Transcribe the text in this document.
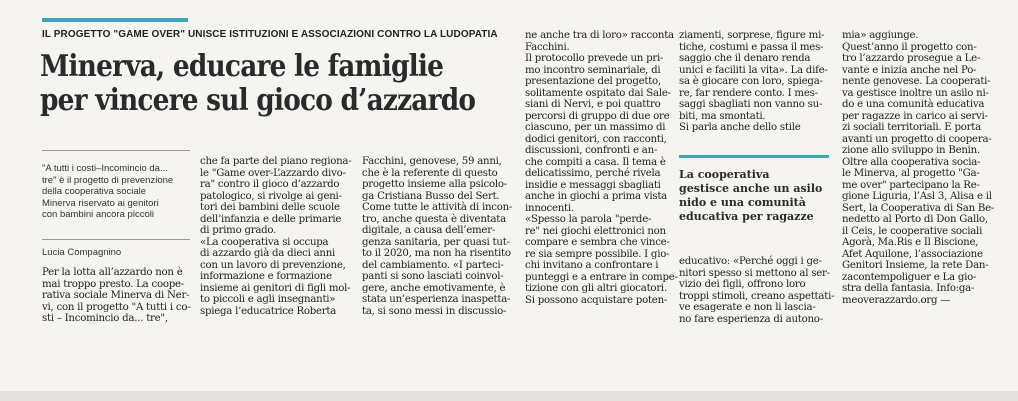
IL PROGETTO "GAME OVER" UNISCE ISTITUZIONI E ASSOCIAZIONI CONTRO LA LUDOPATIA
Minerva, educare le famiglie
per vincere sul gioco d’azzardo
"A tutti i costi–Incomincio da...
tre" è il progetto di prevenzione
della cooperativa sociale
Minerva riservato ai genitori
con bambini ancora piccoli
Lucia Compagnino
Per la lotta all’azzardo non è
mai troppo presto. La coope-
rativa sociale Minerva di Ner-
vi, con il progetto "A tutti i co-
sti – Incomincio da... tre",
che fa parte del piano regiona-
le "Game over-L’azzardo divo-
ra" contro il gioco d’azzardo
patologico, si rivolge ai geni-
tori dei bambini delle scuole
dell’infanzia e delle primarie
di primo grado.
«La cooperativa si occupa
di azzardo già da dieci anni
con un lavoro di prevenzione,
informazione e formazione
insieme ai genitori di figli mol-
to piccoli e agli insegnanti»
spiega l’educatrice Roberta
Facchini, genovese, 59 anni,
che è la referente di questo
progetto insieme alla psicolo-
ga Cristiana Busso del Sert.
Come tutte le attività di incon-
tro, anche questa è diventata
digitale, a causa dell’emer-
genza sanitaria, per quasi tut-
to il 2020, ma non ha risentito
del cambiamento. «I parteci-
panti si sono lasciati coinvol-
gere, anche emotivamente, è
stata un’esperienza inaspetta-
ta, si sono messi in discussio-
ne anche tra di loro» racconta
Facchini.
Il protocollo prevede un pri-
mo incontro seminariale, di
presentazione del progetto,
solitamente ospitato dai Sale-
siani di Nervi, e poi quattro
percorsi di gruppo di due ore
ciascuno, per un massimo di
dodici genitori, con racconti,
discussioni, confronti e an-
che compiti a casa. Il tema è
delicatissimo, perché rivela
insidie e messaggi sbagliati
anche in giochi a prima vista
innocenti.
«Spesso la parola "perde-
re" nei giochi elettronici non
compare e sembra che vince-
re sia sempre possibile. I gio-
chi invitano a confrontare i
punteggi e a entrare in compe-
tizione con gli altri giocatori.
Si possono acquistare poten-
ziamenti, sorprese, figure mi-
tiche, costumi e passa il mes-
saggio che il denaro renda
unici e faciliti la vita». La dife-
sa è giocare con loro, spiega-
re, far rendere conto. I mes-
saggi sbagliati non vanno su-
biti, ma smontati.
Si parla anche dello stile
La cooperativa
gestisce anche un asilo
nido e una comunità
educativa per ragazze
educativo: «Perché oggi i ge-
nitori spesso si mettono al ser-
vizio dei figli, offrono loro
troppi stimoli, creano aspettati-
ve esagerate e non li lascia-
no fare esperienza di autono-
mia» aggiunge.
Quest’anno il progetto con-
tro l’azzardo prosegue a Le-
vante e inizia anche nel Po-
nente genovese. La cooperati-
va gestisce inoltre un asilo ni-
do e una comunità educativa
per ragazze in carico ai servi-
zi sociali territoriali. E porta
avanti un progetto di coopera-
zione allo sviluppo in Benin.
Oltre alla cooperativa socia-
le Minerva, al progetto "Ga-
me over" partecipano la Re-
gione Liguria, l’Asl 3, Alisa e il
Sert, la Cooperativa di San Be-
nedetto al Porto di Don Gallo,
il Ceis, le cooperative sociali
Agorà, Ma.Ris e Il Biscione,
Afet Aquilone, l’associazione
Genitori Insieme, la rete Dan-
zacontempoliguer e La gio-
stra della fantasia. Info:ga-
meoverazzardo.org —
